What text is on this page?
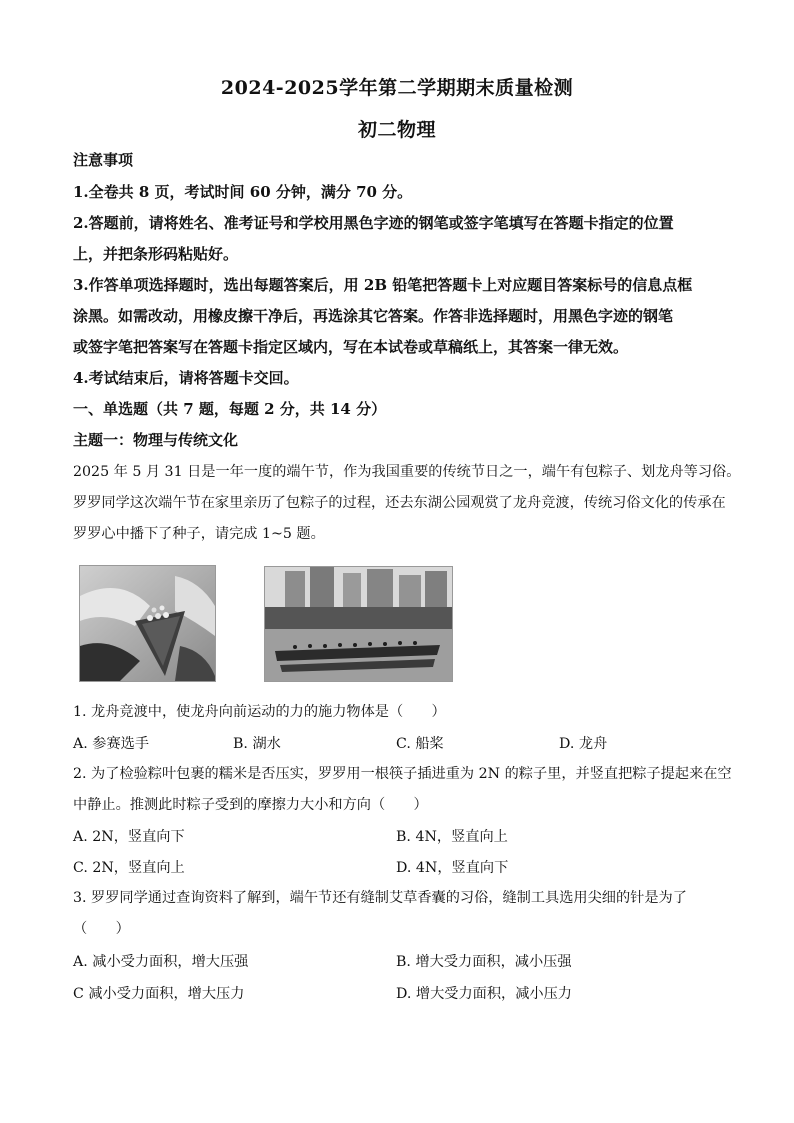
2024-2025学年第二学期期末质量检测
初二物理
注意事项
1.全卷共 8 页，考试时间 60 分钟，满分 70 分。
2.答题前，请将姓名、准考证号和学校用黑色字迹的钢笔或签字笔填写在答题卡指定的位置
上，并把条形码粘贴好。
3.作答单项选择题时，选出每题答案后，用 2B 铅笔把答题卡上对应题目答案标号的信息点框
涂黑。如需改动，用橡皮擦干净后，再选涂其它答案。作答非选择题时，用黑色字迹的钢笔
或签字笔把答案写在答题卡指定区域内，写在本试卷或草稿纸上，其答案一律无效。
4.考试结束后，请将答题卡交回。
一、单选题（共 7 题，每题 2 分，共 14 分）
主题一：物理与传统文化
2025 年 5 月 31 日是一年一度的端午节，作为我国重要的传统节日之一，端午有包粽子、划龙舟等习俗。
罗罗同学这次端午节在家里亲历了包粽子的过程，还去东湖公园观赏了龙舟竞渡，传统习俗文化的传承在
罗罗心中播下了种子，请完成 1~5 题。
1. 龙舟竞渡中，使龙舟向前运动的力的施力物体是（　　）
A. 参赛选手	B. 湖水	C. 船桨	D. 龙舟
2. 为了检验粽叶包裹的糯米是否压实，罗罗用一根筷子插进重为 2N 的粽子里，并竖直把粽子提起来在空
中静止。推测此时粽子受到的摩擦力大小和方向（　　）
A. 2N，竖直向下	B. 4N，竖直向上
C. 2N，竖直向上	D. 4N，竖直向下
3. 罗罗同学通过查询资料了解到，端午节还有缝制艾草香囊的习俗，缝制工具选用尖细的针是为了
（　　）
A. 减小受力面积，增大压强	B. 增大受力面积，减小压强
C 减小受力面积，增大压力	D. 增大受力面积，减小压力
